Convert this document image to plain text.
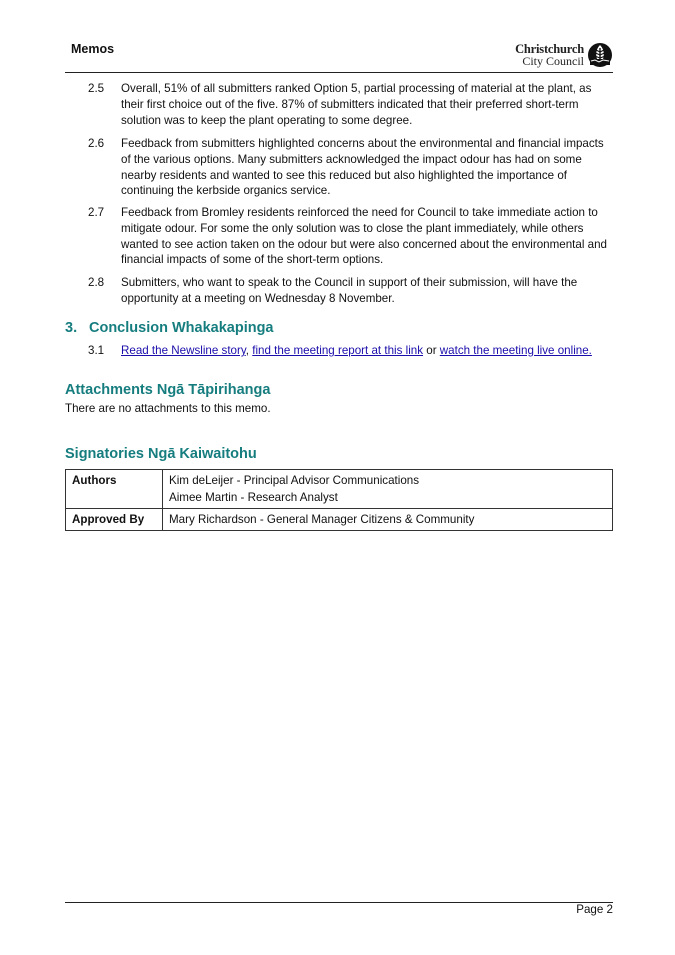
Memos	Christchurch
City Council
2.5 Overall, 51% of all submitters ranked Option 5, partial processing of material at the plant, as their first choice out of the five. 87% of submitters indicated that their preferred short-term solution was to keep the plant operating to some degree.
2.6 Feedback from submitters highlighted concerns about the environmental and financial impacts of the various options. Many submitters acknowledged the impact odour has had on some nearby residents and wanted to see this reduced but also highlighted the importance of continuing the kerbside organics service.
2.7 Feedback from Bromley residents reinforced the need for Council to take immediate action to mitigate odour. For some the only solution was to close the plant immediately, while others wanted to see action taken on the odour but were also concerned about the environmental and financial impacts of some of the short-term options.
2.8 Submitters, who want to speak to the Council in support of their submission, will have the opportunity at a meeting on Wednesday 8 November.
3. Conclusion Whakakapinga
3.1 Read the Newsline story, find the meeting report at this link or watch the meeting live online.
Attachments Ngā Tāpirihanga
There are no attachments to this memo.
Signatories Ngā Kaiwaitohu
Authors	Kim deLeijer - Principal Advisor Communications
Aimee Martin - Research Analyst

Approved By	Mary Richardson - General Manager Citizens & Community
Page 2
